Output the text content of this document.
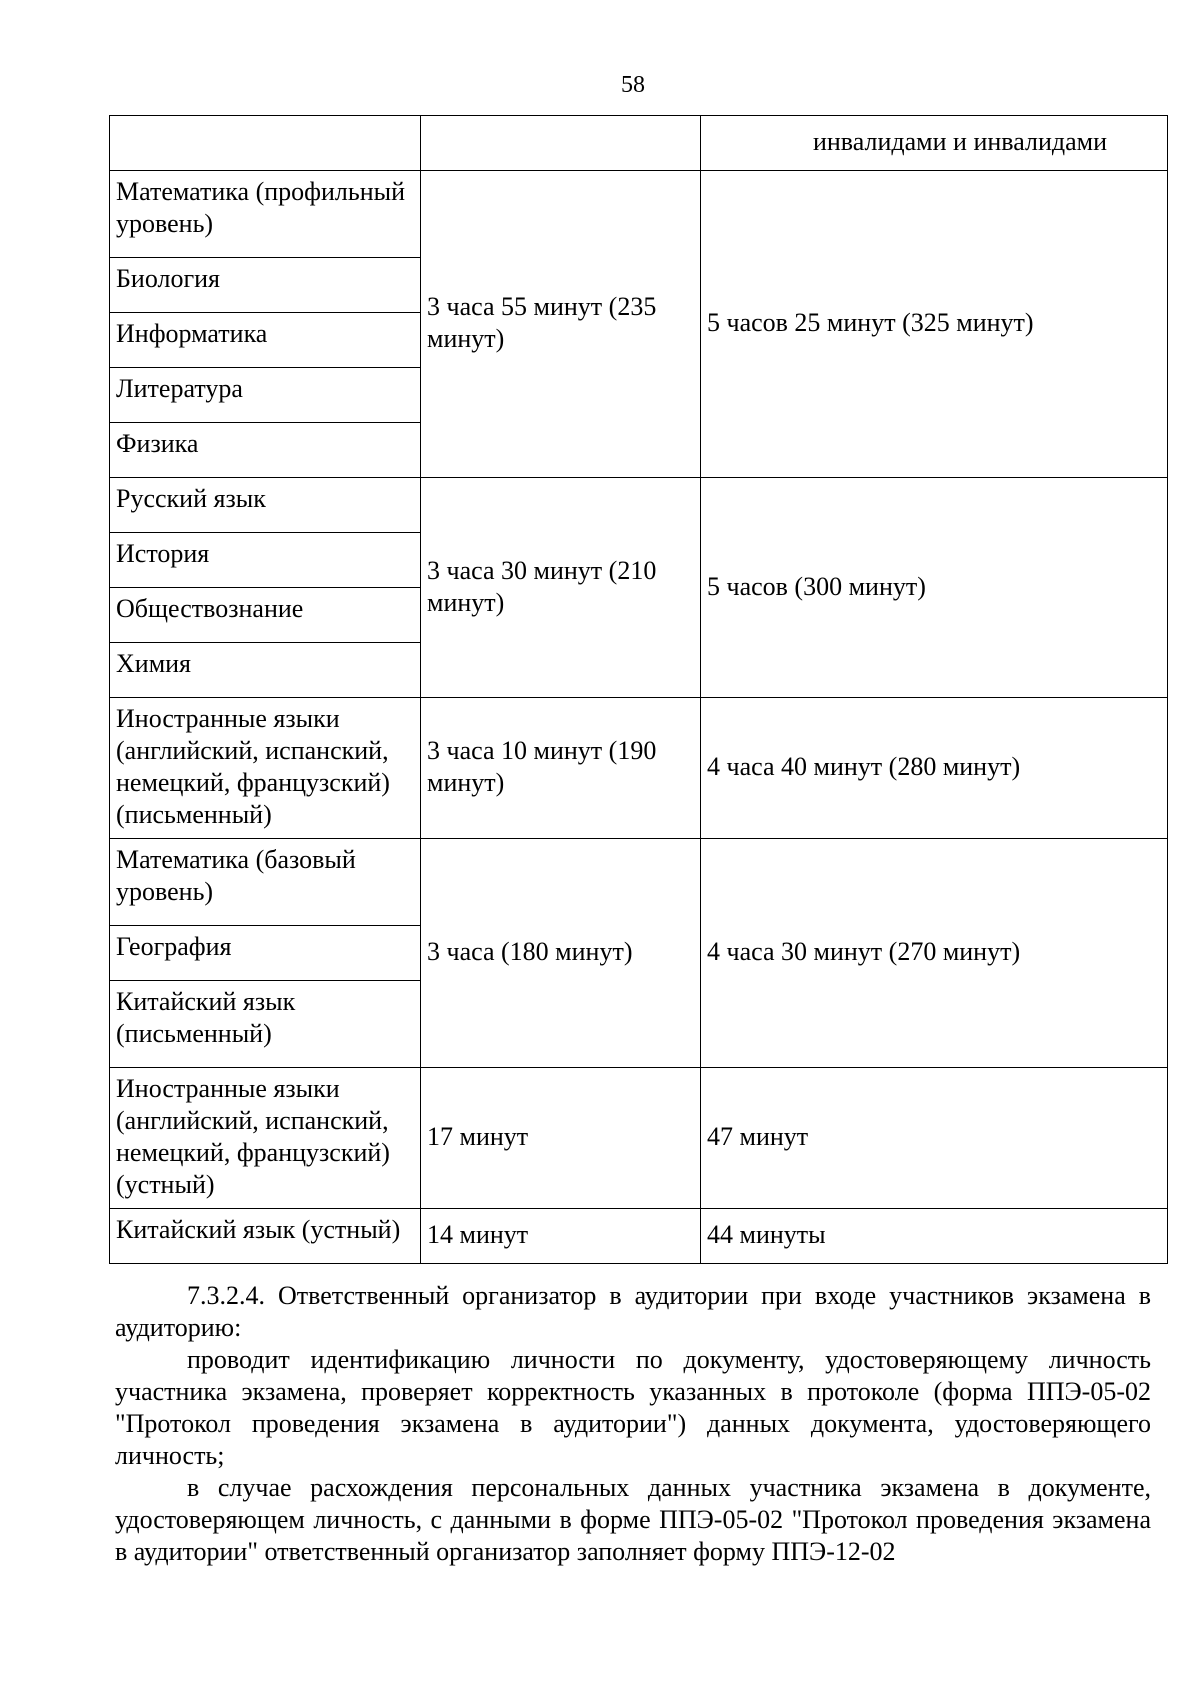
58
		инвалидами и инвалидами
Математика (профильный уровень)	3 часа 55 минут (235 минут)	5 часов 25 минут (325 минут)
Биология		
Информатика		
Литература		
Физика		
Русский язык	3 часа 30 минут (210 минут)	5 часов (300 минут)
История		
Обществознание		
Химия		
Иностранные языки (английский, испанский, немецкий, французский) (письменный)	3 часа 10 минут (190 минут)	4 часа 40 минут (280 минут)
Математика (базовый уровень)	3 часа (180 минут)	4 часа 30 минут (270 минут)
География		
Китайский язык (письменный)		
Иностранные языки (английский, испанский, немецкий, французский) (устный)	17 минут	47 минут
Китайский язык (устный)	14 минут	44 минуты

7.3.2.4. Ответственный организатор в аудитории при входе участников экзамена в аудиторию:

проводит идентификацию личности по документу, удостоверяющему личность участника экзамена, проверяет корректность указанных в протоколе (форма ППЭ-05-02 "Протокол проведения экзамена в аудитории") данных документа, удостоверяющего личность;

в случае расхождения персональных данных участника экзамена в документе, удостоверяющем личность, с данными в форме ППЭ-05-02 "Протокол проведения экзамена в аудитории" ответственный организатор заполняет форму ППЭ-12-02
